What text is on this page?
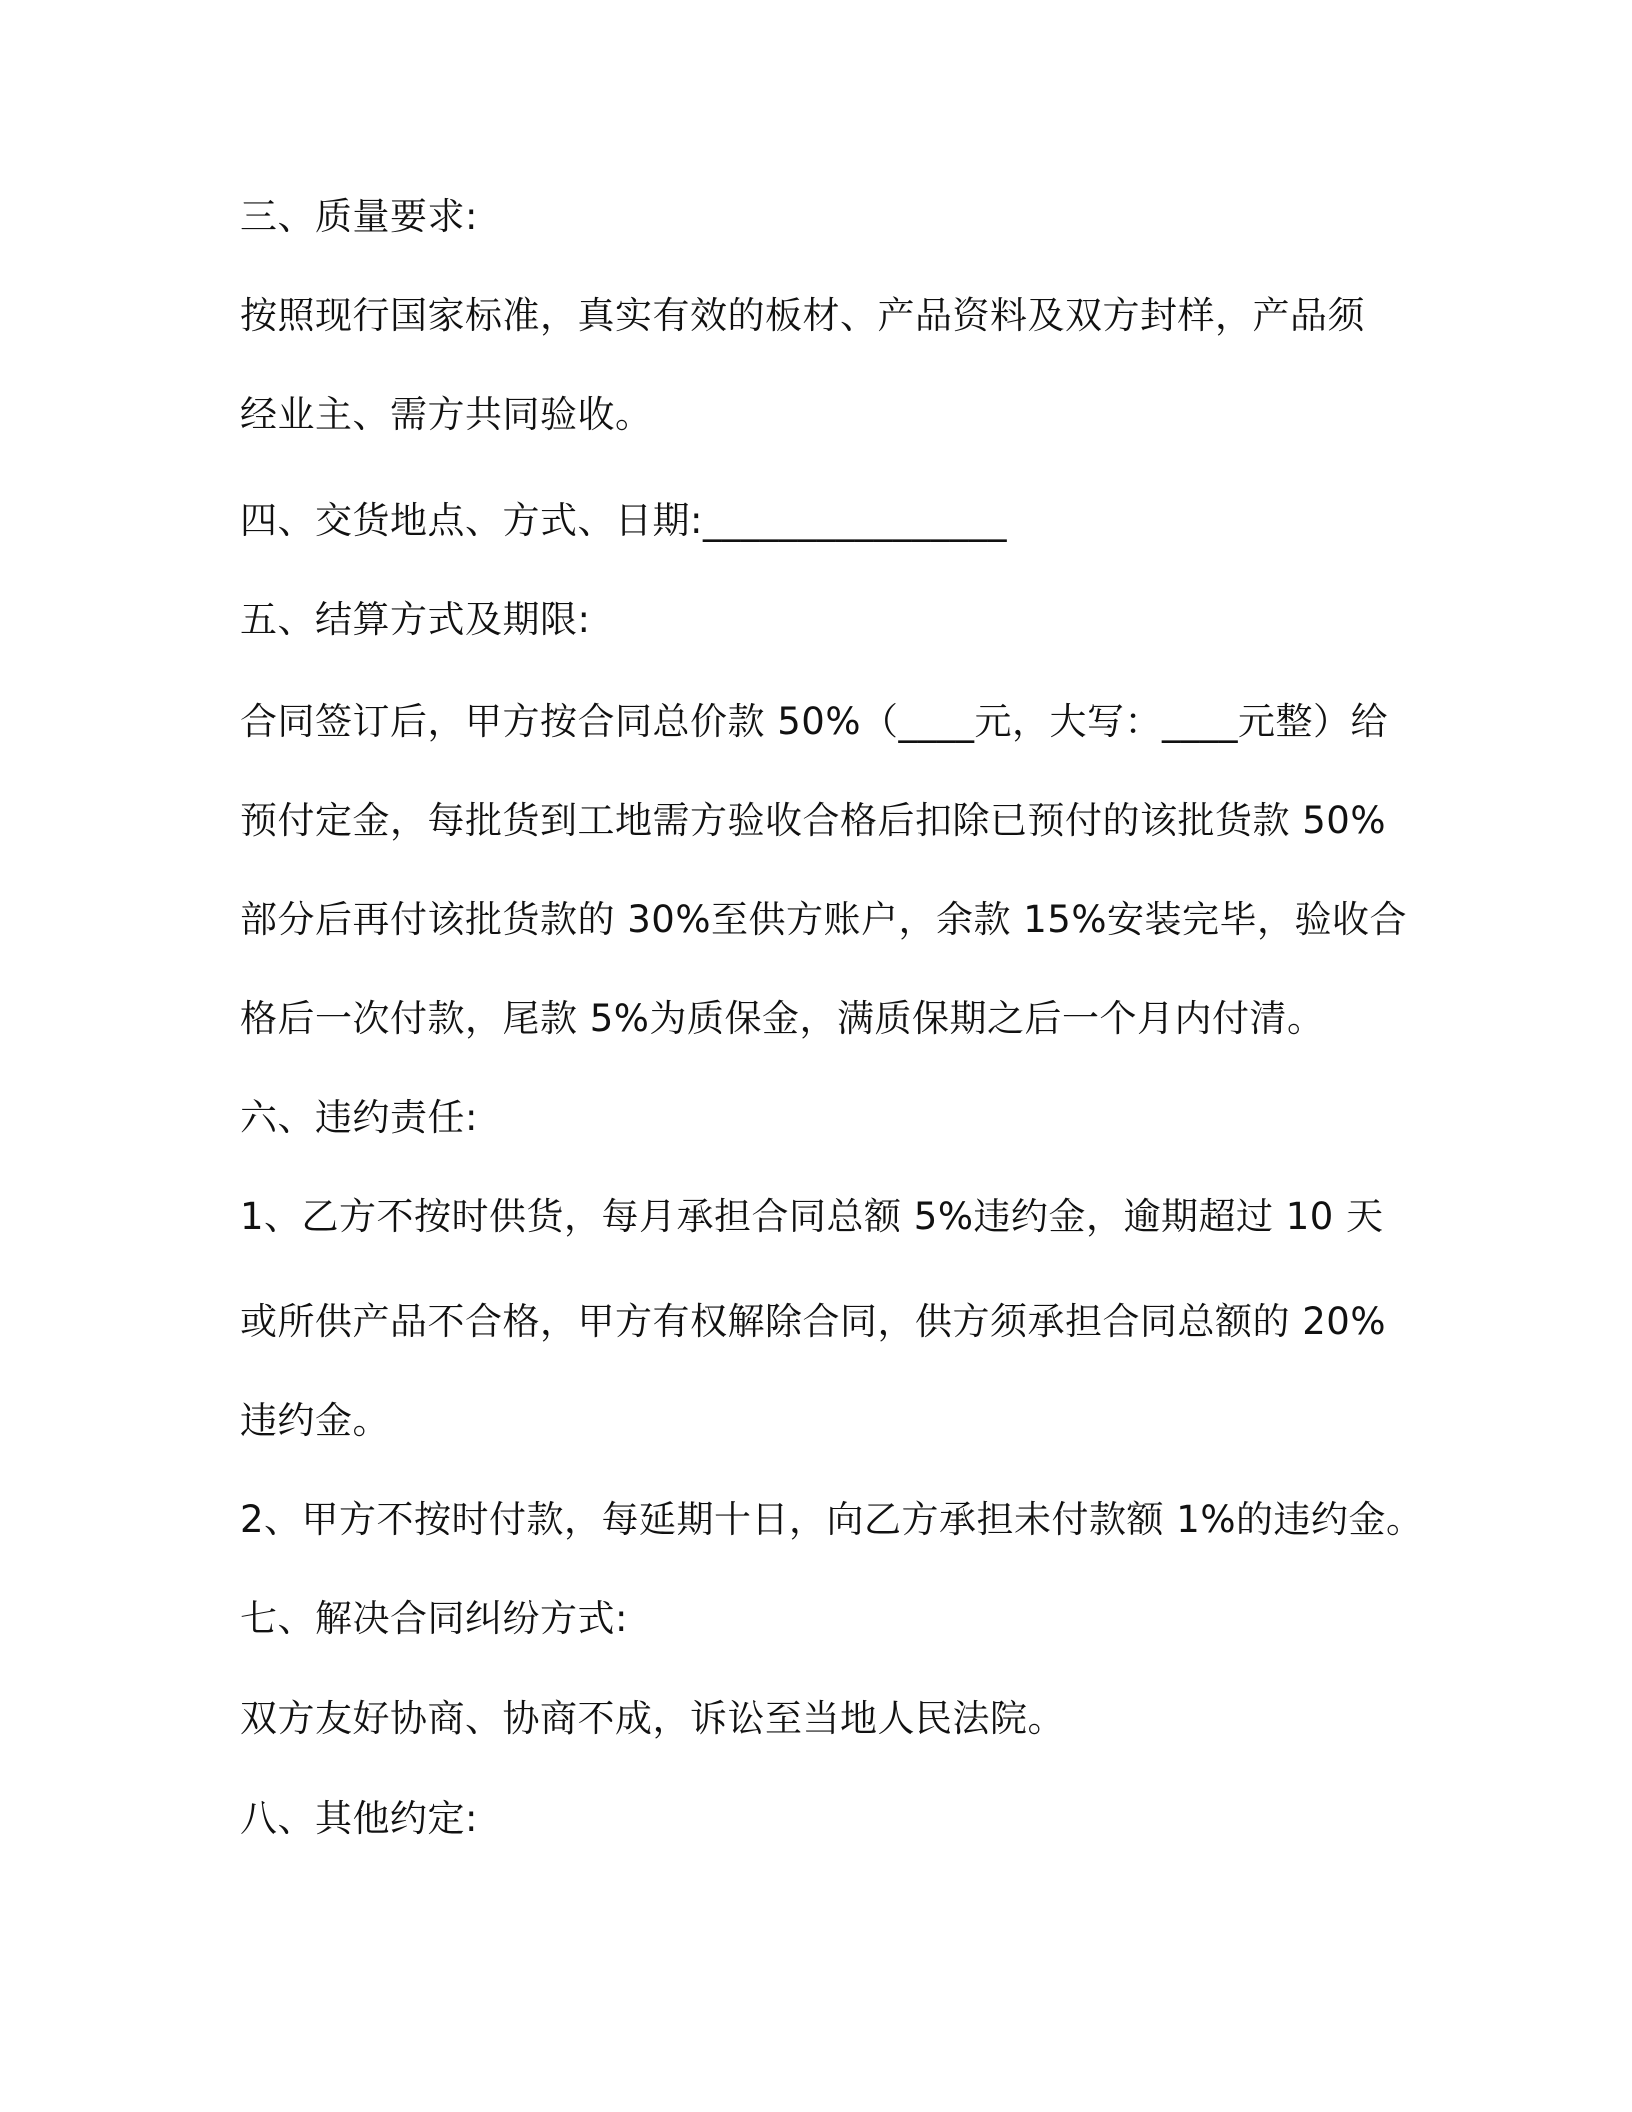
三、质量要求:
按照现行国家标准，真实有效的板材、产品资料及双方封样，产品须
经业主、需方共同验收。
四、交货地点、方式、日期:________________
五、结算方式及期限:
合同签订后，甲方按合同总价款 50%（____元，大写：____元整）给
预付定金，每批货到工地需方验收合格后扣除已预付的该批货款 50%
部分后再付该批货款的 30%至供方账户，余款 15%安装完毕，验收合
格后一次付款，尾款 5%为质保金，满质保期之后一个月内付清。
六、违约责任:
1、乙方不按时供货，每月承担合同总额 5%违约金，逾期超过 10 天
或所供产品不合格，甲方有权解除合同，供方须承担合同总额的 20%
违约金。
2、甲方不按时付款，每延期十日，向乙方承担未付款额 1%的违约金。
七、解决合同纠纷方式:
双方友好协商、协商不成，诉讼至当地人民法院。
八、其他约定:
